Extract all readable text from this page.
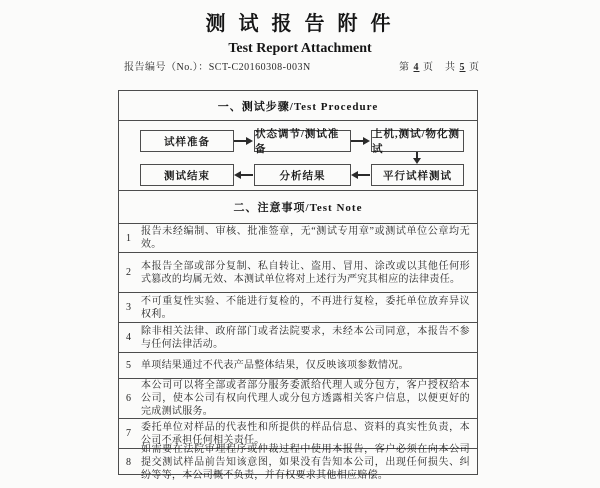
测 试 报 告 附 件
Test Report Attachment
报告编号（No.）：SCT-C20160308-003N	第 4 页　共 5 页
一、测试步骤/Test Procedure
试样准备
状态调节/测试准备
上机,测试/物化测试
平行试样测试
分析结果
测试结束
二、注意事项/Test Note
1
报告未经编制、审核、批准签章，无“测试专用章”或测试单位公章均无效。
2
本报告全部或部分复制、私自转让、盗用、冒用、涂改或以其他任何形式篡改的均属无效、本测试单位将对上述行为严究其相应的法律责任。
3
不可重复性实验、不能进行复检的，不再进行复检，委托单位放弃异议权利。
4
除非相关法律、政府部门或者法院要求，未经本公司同意，本报告不参与任何法律活动。
5 单项结果通过不代表产品整体结果，仅反映该项参数情况。
6
本公司可以将全部或者部分服务委派给代理人或分包方，客户授权给本公司，使本公司有权向代理人或分包方透露相关客户信息，以便更好的完成测试服务。
7
委托单位对样品的代表性和所提供的样品信息、资料的真实性负责，本公司不承担任何相关责任。
8
如需要在法院审理程序或仲裁过程中使用本报告，客户必须在向本公司提交测试样品前告知该意图，如果没有告知本公司，出现任何损失、纠纷等等，本公司概不负责，并有权要求其他相应赔偿。
